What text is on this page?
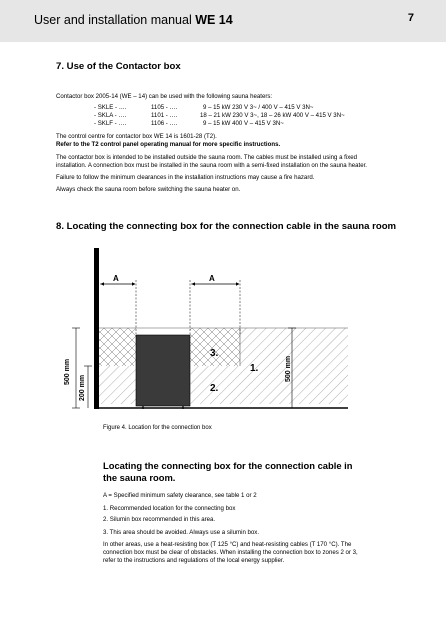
User and installation manual WE 14	7
7. Use of the Contactor box
Contactor box 2005-14 (WE – 14) can be used with the following sauna heaters:
- SKLE - ….	1105 - ….	9 – 15 kW 230 V 3~ / 400 V – 415 V 3N~
- SKLA - ….	1101 - ….	18 – 21 kW 230 V 3~, 18 – 26 kW 400 V – 415 V 3N~
- SKLF - ….	1106 - ….	9 – 15 kW 400 V – 415 V 3N~
The control centre for contactor box WE 14 is 1601-28 (T2).
Refer to the T2 control panel operating manual for more specific instructions.
The contactor box is intended to be installed outside the sauna room. The cables must be installed using a fixed
installation. A connection box must be installed in the sauna room with a semi-fixed installation on the sauna heater.
Failure to follow the minimum clearances in the installation instructions may cause a fire hazard.
Always check the sauna room before switching the sauna heater on.
8. Locating the connecting box for the connection cable in the sauna room
A	A
3.
1.
2.
500 mm
200 mm
500 mm
Figure 4. Location for the connection box
Locating the connecting box for the connection cable in
the sauna room.
A = Specified minimum safety clearance, see table 1 or 2
1. Recommended location for the connecting box
2. Silumin box recommended in this area.
3. This area should be avoided. Always use a silumin box.
In other areas, use a heat-resisting box (T 125 °C) and heat-resisting cables (T 170 °C). The
connection box must be clear of obstacles. When installing the connection box to zones 2 or 3,
refer to the instructions and regulations of the local energy supplier.
